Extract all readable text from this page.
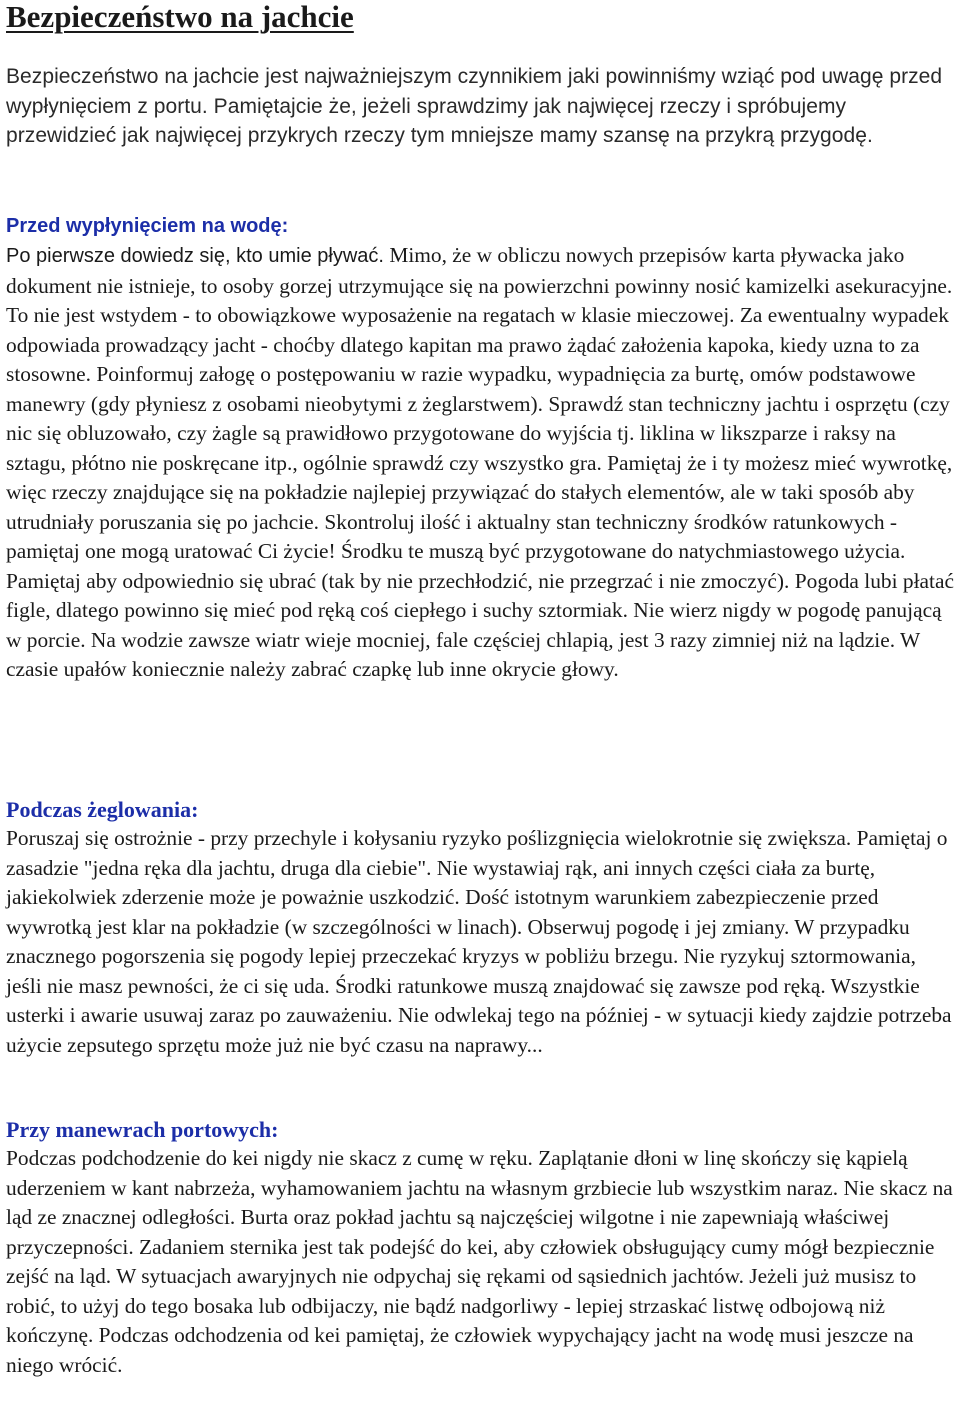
Bezpieczeństwo na jachcie

Bezpieczeństwo na jachcie jest najważniejszym czynnikiem jaki powinniśmy wziąć pod uwagę przed wypłynięciem z portu. Pamiętajcie że, jeżeli sprawdzimy jak najwięcej rzeczy i spróbujemy przewidzieć jak najwięcej przykrych rzeczy tym mniejsze mamy szansę na przykrą przygodę.

Przed wypłynięciem na wodę:

Po pierwsze dowiedz się, kto umie pływać. Mimo, że w obliczu nowych przepisów karta pływacka jako dokument nie istnieje, to osoby gorzej utrzymujące się na powierzchni powinny nosić kamizelki asekuracyjne. To nie jest wstydem - to obowiązkowe wyposażenie na regatach w klasie mieczowej. Za ewentualny wypadek odpowiada prowadzący jacht - choćby dlatego kapitan ma prawo żądać założenia kapoka, kiedy uzna to za stosowne. Poinformuj załogę o postępowaniu w razie wypadku, wypadnięcia za burtę, omów podstawowe manewry (gdy płyniesz z osobami nieobytymi z żeglarstwem). Sprawdź stan techniczny jachtu i osprzętu (czy nic się obluzowało, czy żagle są prawidłowo przygotowane do wyjścia tj. liklina w likszparze i raksy na sztagu, płótno nie poskręcane itp., ogólnie sprawdź czy wszystko gra. Pamiętaj że i ty możesz mieć wywrotkę, więc rzeczy znajdujące się na pokładzie najlepiej przywiązać do stałych elementów, ale w taki sposób aby utrudniały poruszania się po jachcie. Skontroluj ilość i aktualny stan techniczny środków ratunkowych - pamiętaj one mogą uratować Ci życie! Środku te muszą być przygotowane do natychmiastowego użycia. Pamiętaj aby odpowiednio się ubrać (tak by nie przechłodzić, nie przegrzać i nie zmoczyć). Pogoda lubi płatać figle, dlatego powinno się mieć pod ręką coś ciepłego i suchy sztormiak. Nie wierz nigdy w pogodę panującą w porcie. Na wodzie zawsze wiatr wieje mocniej, fale częściej chlapią, jest 3 razy zimniej niż na lądzie. W czasie upałów koniecznie należy zabrać czapkę lub inne okrycie głowy.

Podczas żeglowania:

Poruszaj się ostrożnie - przy przechyle i kołysaniu ryzyko poślizgnięcia wielokrotnie się zwiększa. Pamiętaj o zasadzie "jedna ręka dla jachtu, druga dla ciebie". Nie wystawiaj rąk, ani innych części ciała za burtę, jakiekolwiek zderzenie może je poważnie uszkodzić. Dość istotnym warunkiem zabezpieczenie przed wywrotką jest klar na pokładzie (w szczególności w linach). Obserwuj pogodę i jej zmiany. W przypadku znacznego pogorszenia się pogody lepiej przeczekać kryzys w pobliżu brzegu. Nie ryzykuj sztormowania, jeśli nie masz pewności, że ci się uda. Środki ratunkowe muszą znajdować się zawsze pod ręką. Wszystkie usterki i awarie usuwaj zaraz po zauważeniu. Nie odwlekaj tego na później - w sytuacji kiedy zajdzie potrzeba użycie zepsutego sprzętu może już nie być czasu na naprawy...

Przy manewrach portowych:

Podczas podchodzenie do kei nigdy nie skacz z cumę w ręku. Zaplątanie dłoni w linę skończy się kąpielą uderzeniem w kant nabrzeża, wyhamowaniem jachtu na własnym grzbiecie lub wszystkim naraz. Nie skacz na ląd ze znacznej odległości. Burta oraz pokład jachtu są najczęściej wilgotne i nie zapewniają właściwej przyczepności. Zadaniem sternika jest tak podejść do kei, aby człowiek obsługujący cumy mógł bezpiecznie zejść na ląd. W sytuacjach awaryjnych nie odpychaj się rękami od sąsiednich jachtów. Jeżeli już musisz to robić, to użyj do tego bosaka lub odbijaczy, nie bądź nadgorliwy - lepiej strzaskać listwę odbojową niż kończynę. Podczas odchodzenia od kei pamiętaj, że człowiek wypychający jacht na wodę musi jeszcze na niego wrócić.
